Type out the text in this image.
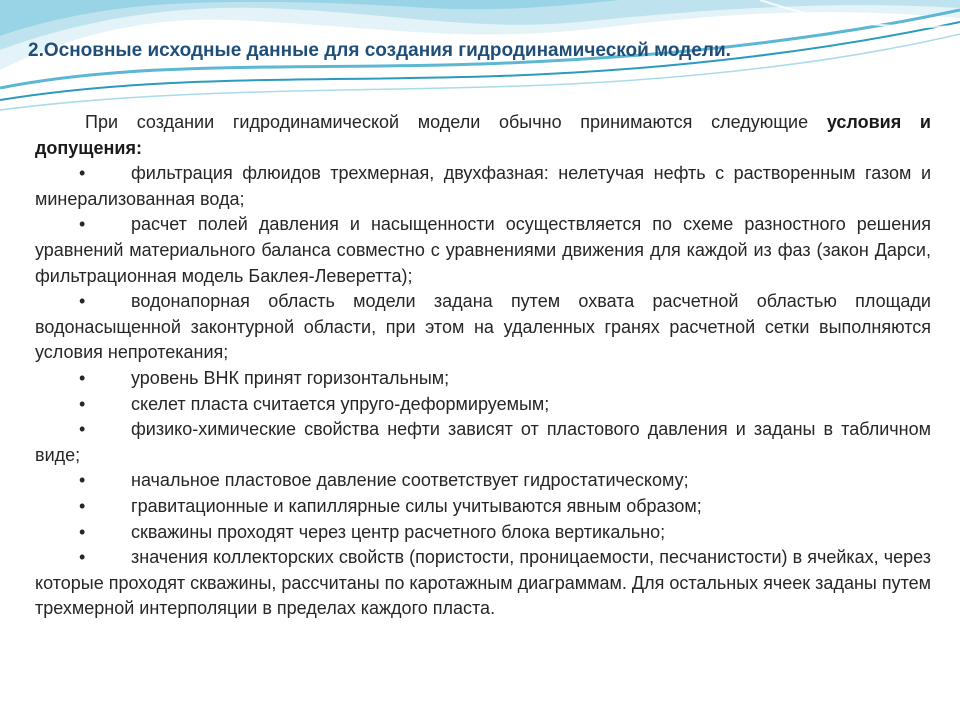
2.Основные исходные данные для создания гидродинамической модели.

При создании гидродинамической модели обычно принимаются следующие условия и допущения:

•	фильтрация флюидов трехмерная, двухфазная: нелетучая нефть с растворенным газом и минерализованная вода;

•	расчет полей давления и насыщенности осуществляется по схеме разностного решения уравнений материального баланса совместно с уравнениями движения для каждой из фаз (закон Дарси, фильтрационная модель Баклея-Леверетта);

•	водонапорная область модели задана путем охвата расчетной областью площади водонасыщенной законтурной области, при этом на удаленных гранях расчетной сетки выполняются условия непротекания;

•	уровень ВНК принят горизонтальным;

•	скелет пласта считается упруго-деформируемым;

•	физико-химические свойства нефти зависят от пластового давления и заданы в табличном виде;

•	начальное пластовое давление соответствует гидростатическому;

•	гравитационные и капиллярные силы учитываются явным образом;

•	скважины проходят через центр расчетного блока вертикально;

•	значения коллекторских свойств (пористости, проницаемости, песчанистости) в ячейках, через которые проходят скважины, рассчитаны по каротажным диаграммам. Для остальных ячеек заданы путем трехмерной интерполяции в пределах каждого пласта.
